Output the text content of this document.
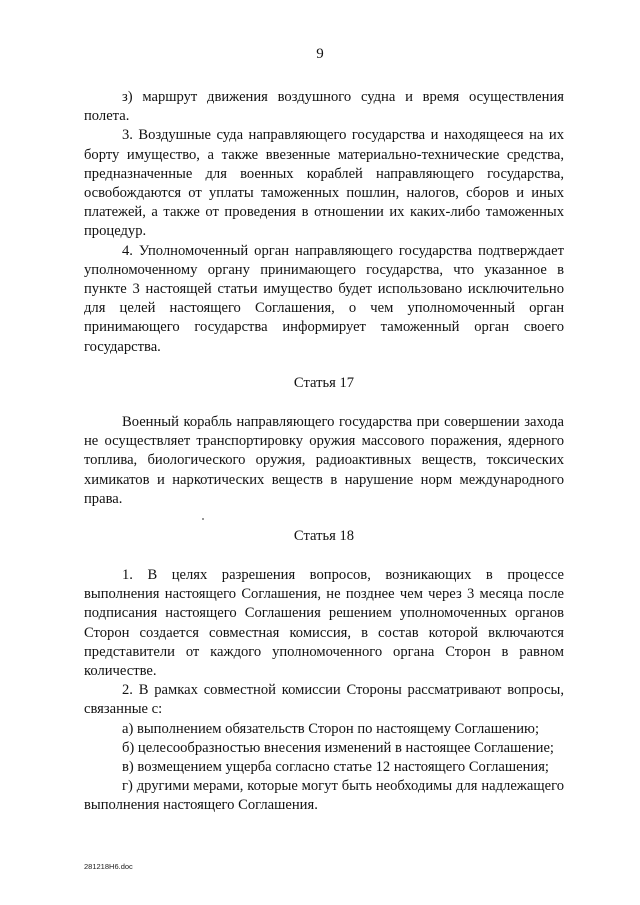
9

з) маршрут движения воздушного судна и время осуществления полета.

3. Воздушные суда направляющего государства и находящееся на их борту имущество, а также ввезенные материально-технические средства, предназначенные для военных кораблей направляющего государства, освобождаются от уплаты таможенных пошлин, налогов, сборов и иных платежей, а также от проведения в отношении их каких-либо таможенных процедур.

4. Уполномоченный орган направляющего государства подтверждает уполномоченному органу принимающего государства, что указанное в пункте 3 настоящей статьи имущество будет использовано исключительно для целей настоящего Соглашения, о чем уполномоченный орган принимающего государства информирует таможенный орган своего государства.

Статья 17

Военный корабль направляющего государства при совершении захода не осуществляет транспортировку оружия массового поражения, ядерного топлива, биологического оружия, радиоактивных веществ, токсических химикатов и наркотических веществ в нарушение норм международного права.

Статья 18

1. В целях разрешения вопросов, возникающих в процессе выполнения настоящего Соглашения, не позднее чем через 3 месяца после подписания настоящего Соглашения решением уполномоченных органов Сторон создается совместная комиссия, в состав которой включаются представители от каждого уполномоченного органа Сторон в равном количестве.

2. В рамках совместной комиссии Стороны рассматривают вопросы, связанные с:

а) выполнением обязательств Сторон по настоящему Соглашению;

б) целесообразностью внесения изменений в настоящее Соглашение;

в) возмещением ущерба согласно статье 12 настоящего Соглашения;

г) другими мерами, которые могут быть необходимы для надлежащего выполнения настоящего Соглашения.

281218H6.doc
